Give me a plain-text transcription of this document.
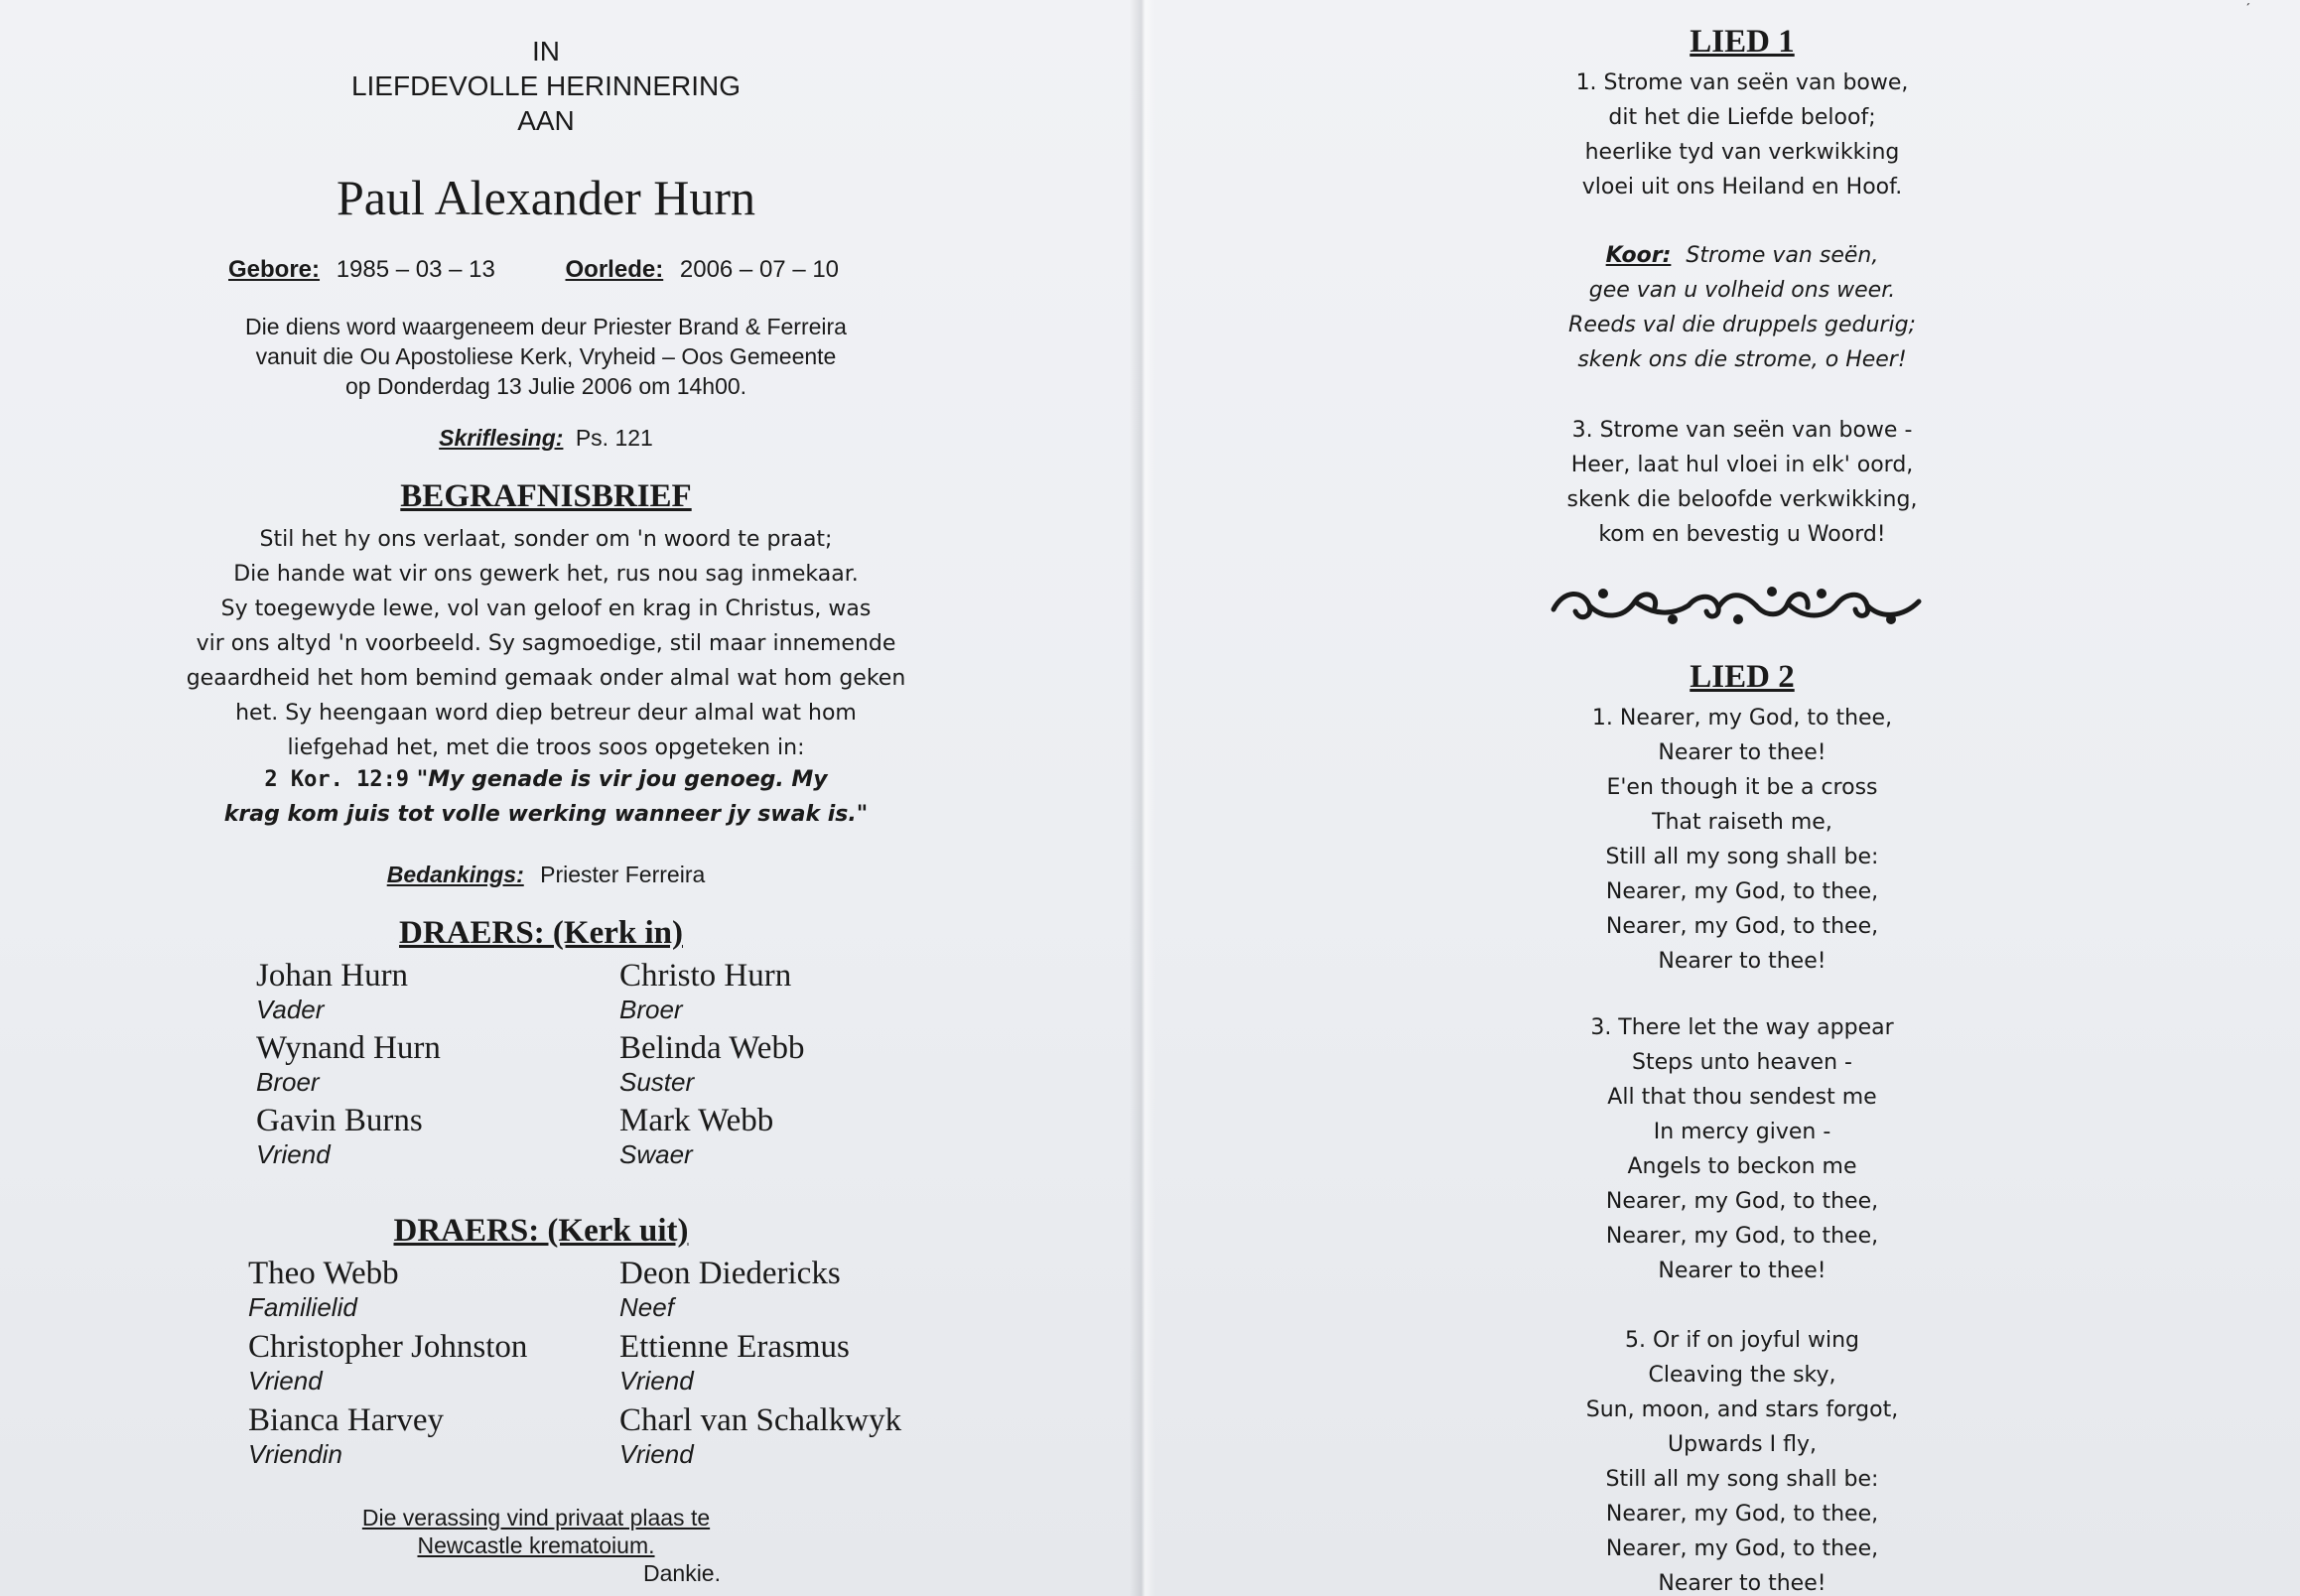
IN
LIEFDEVOLLE HERINNERING
AAN
Paul Alexander Hurn
Gebore: 1985 – 03 – 13	Oorlede: 2006 – 07 – 10
Die diens word waargeneem deur Priester Brand & Ferreira
vanuit die Ou Apostoliese Kerk, Vryheid – Oos Gemeente
op Donderdag 13 Julie 2006 om 14h00.
Skriflesing: Ps. 121
BEGRAFNISBRIEF
Stil het hy ons verlaat, sonder om 'n woord te praat;
Die hande wat vir ons gewerk het, rus nou sag inmekaar.
Sy toegewyde lewe, vol van geloof en krag in Christus, was
vir ons altyd 'n voorbeeld. Sy sagmoedige, stil maar innemende
geaardheid het hom bemind gemaak onder almal wat hom geken
het. Sy heengaan word diep betreur deur almal wat hom
liefgehad het, met die troos soos opgeteken in:
2 Kor. 12:9 "My genade is vir jou genoeg. My
krag kom juis tot volle werking wanneer jy swak is."
Bedankings: Priester Ferreira
DRAERS: (Kerk in)
Johan Hurn
Vader
Christo Hurn
Broer
Wynand Hurn
Broer
Belinda Webb
Suster
Gavin Burns
Vriend
Mark Webb
Swaer
DRAERS: (Kerk uit)
Theo Webb
Familielid
Deon Diedericks
Neef
Christopher Johnston
Vriend
Ettienne Erasmus
Vriend
Bianca Harvey
Vriendin
Charl van Schalkwyk
Vriend
Die verassing vind privaat plaas te
Newcastle krematoium.
Dankie.
ˊ
LIED 1
1. Strome van seën van bowe,
dit het die Liefde beloof;
heerlike tyd van verkwikking
vloei uit ons Heiland en Hoof.
Koor: Strome van seën,
gee van u volheid ons weer.
Reeds val die druppels gedurig;
skenk ons die strome, o Heer!
3. Strome van seën van bowe -
Heer, laat hul vloei in elk' oord,
skenk die beloofde verkwikking,
kom en bevestig u Woord!
LIED 2
1. Nearer, my God, to thee,
Nearer to thee!
E'en though it be a cross
That raiseth me,
Still all my song shall be:
Nearer, my God, to thee,
Nearer, my God, to thee,
Nearer to thee!
3. There let the way appear
Steps unto heaven -
All that thou sendest me
In mercy given -
Angels to beckon me
Nearer, my God, to thee,
Nearer, my God, to thee,
Nearer to thee!
5. Or if on joyful wing
Cleaving the sky,
Sun, moon, and stars forgot,
Upwards I fly,
Still all my song shall be:
Nearer, my God, to thee,
Nearer, my God, to thee,
Nearer to thee!
